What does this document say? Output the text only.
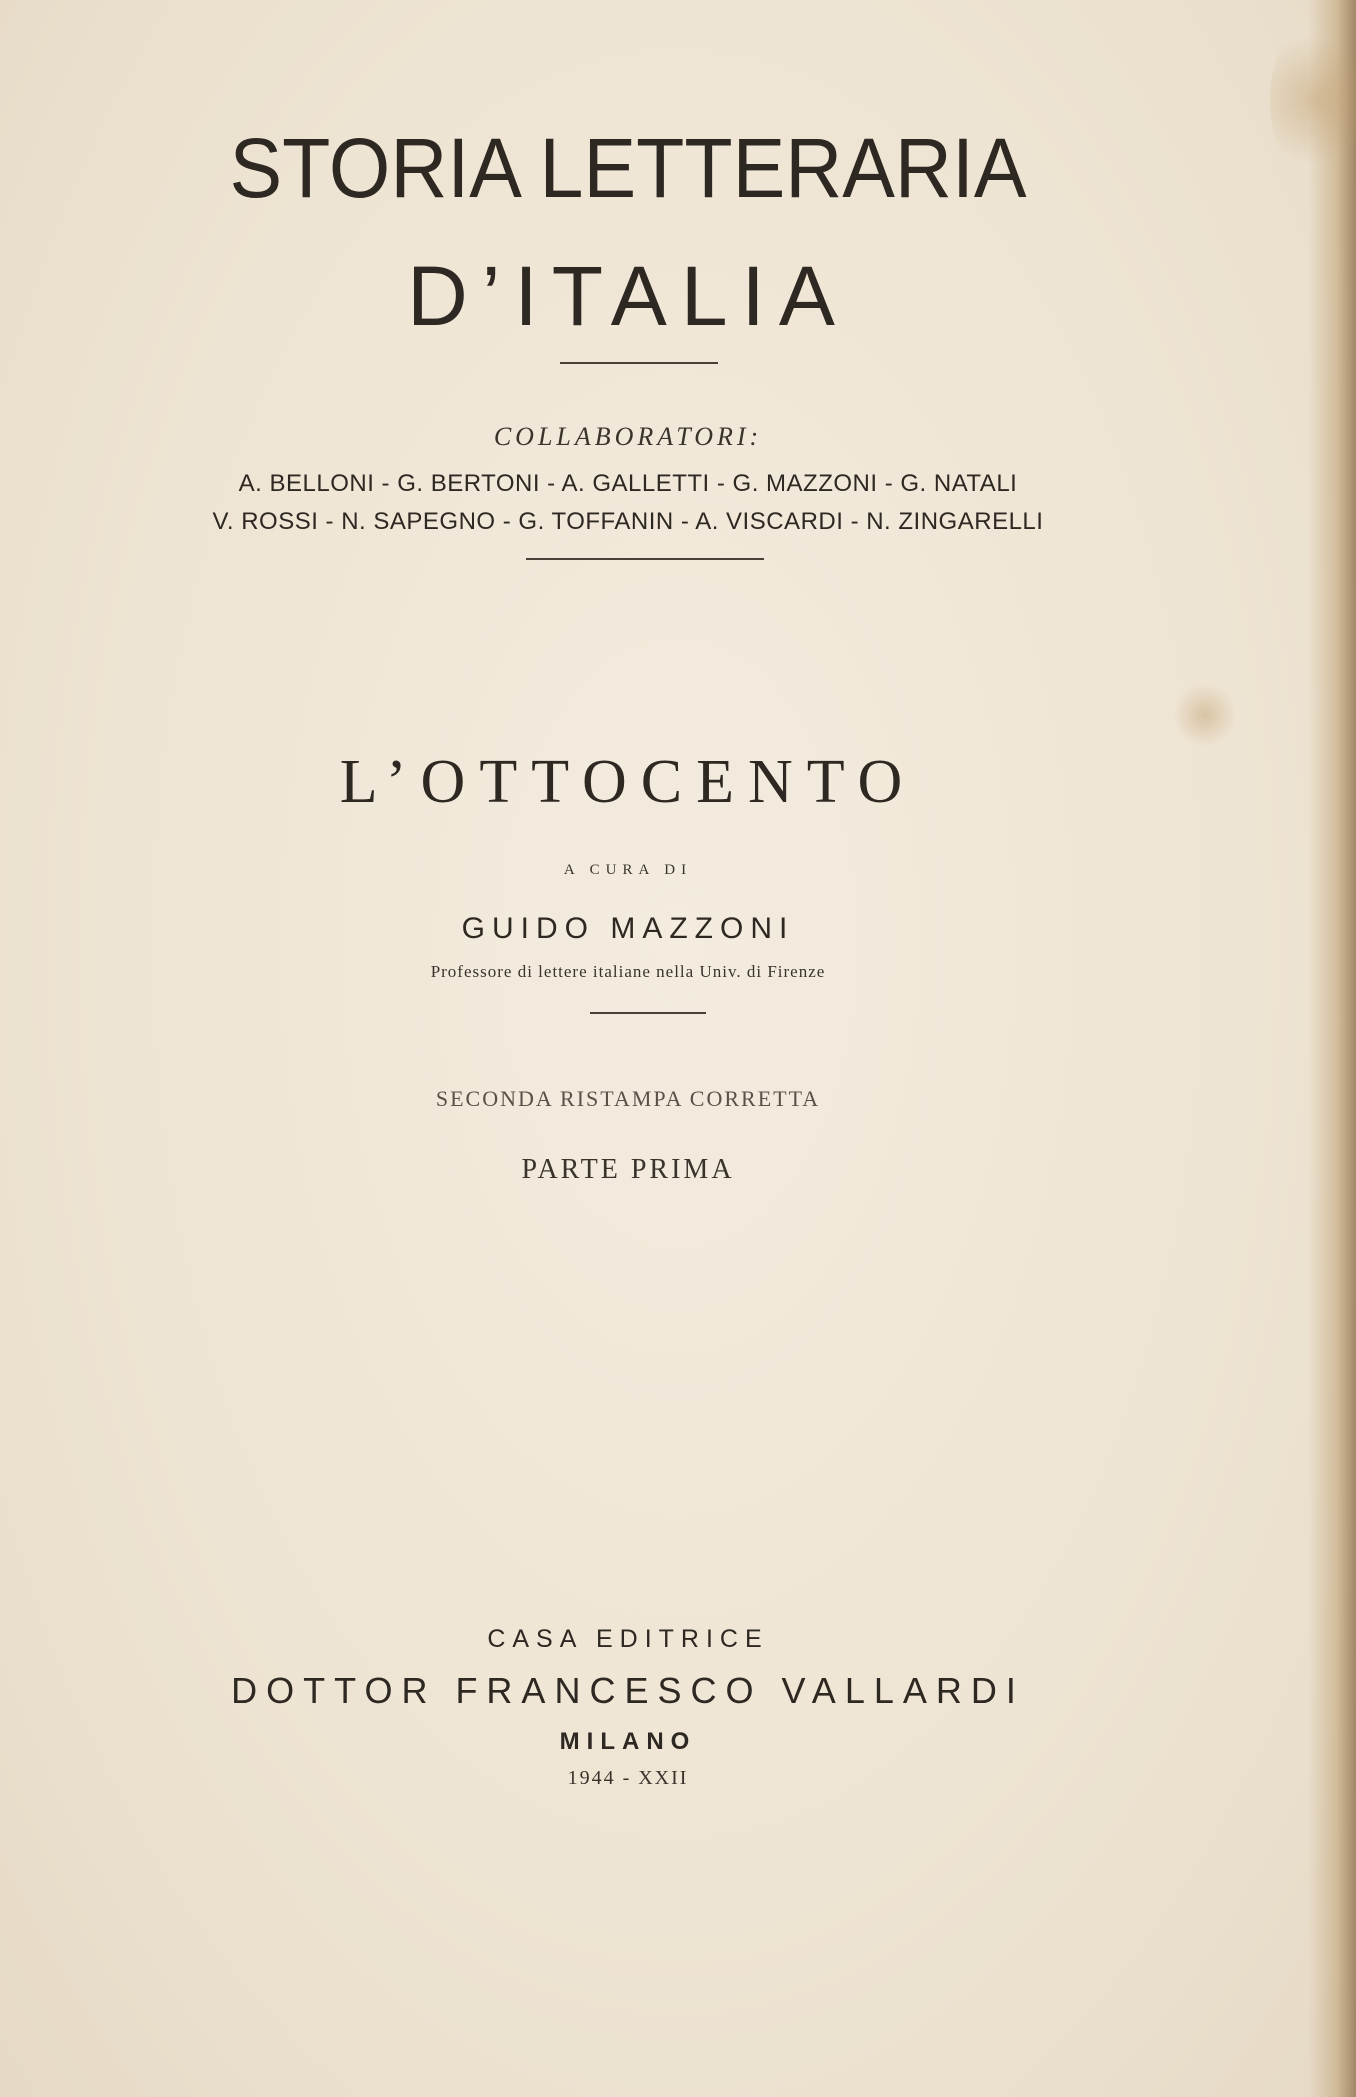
STORIA LETTERARIA
D’ITALIA
COLLABORATORI:
A. BELLONI - G. BERTONI - A. GALLETTI - G. MAZZONI - G. NATALI
V. ROSSI - N. SAPEGNO - G. TOFFANIN - A. VISCARDI - N. ZINGARELLI
L’OTTOCENTO
A CURA DI
GUIDO MAZZONI
Professore di lettere italiane nella Univ. di Firenze
SECONDA RISTAMPA CORRETTA
PARTE PRIMA
CASA EDITRICE
DOTTOR FRANCESCO VALLARDI
MILANO
1944 - XXII
